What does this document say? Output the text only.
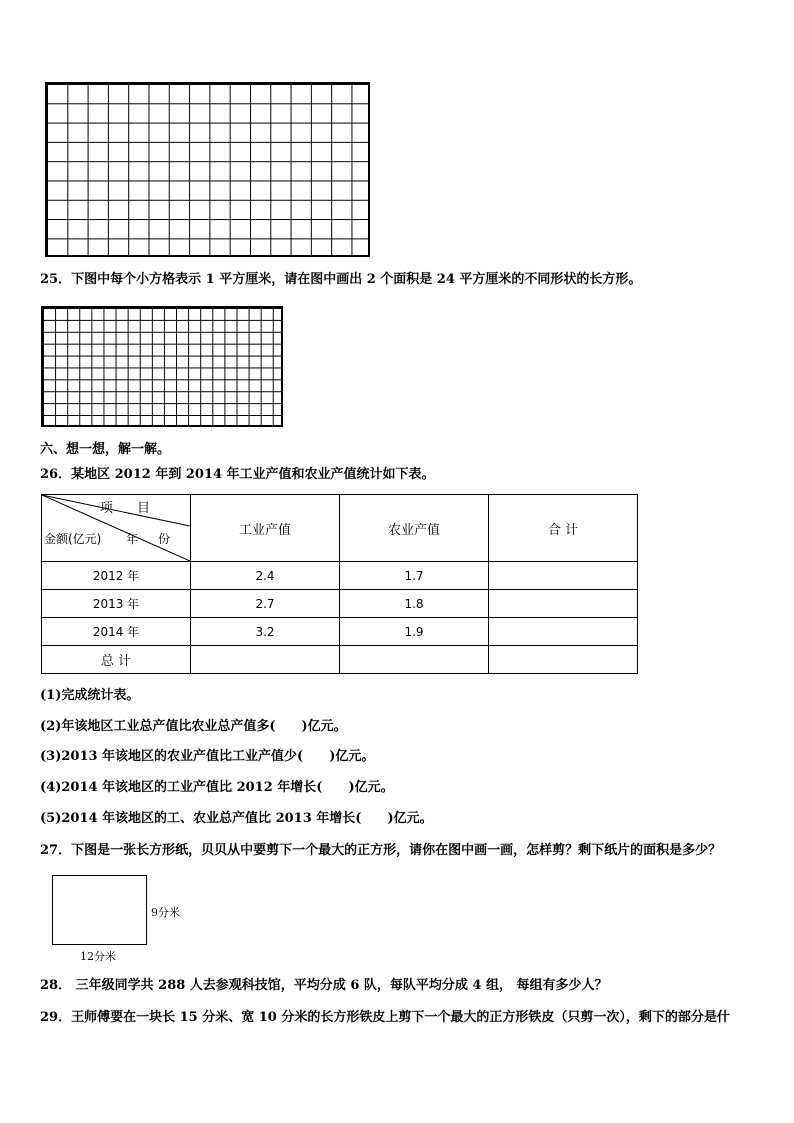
25．下图中每个小方格表示 1 平方厘米，请在图中画出 2 个面积是 24 平方厘米的不同形状的长方形。
六、想一想，解一解。
26．某地区 2012 年到 2014 年工业产值和农业产值统计如下表。
项 目
金额(亿元) 年 份	工业产值	农业产值	合 计
2012 年	2.4	1.7	
2013 年	2.7	1.8	
2014 年	3.2	1.9	
总 计			
(1)完成统计表。
(2)年该地区工业总产值比农业总产值多(　　)亿元。
(3)2013 年该地区的农业产值比工业产值少(　　)亿元。
(4)2014 年该地区的工业产值比 2012 年增长(　　)亿元。
(5)2014 年该地区的工、农业总产值比 2013 年增长(　　)亿元。
27．下图是一张长方形纸，贝贝从中要剪下一个最大的正方形，请你在图中画一画，怎样剪？剩下纸片的面积是多少？
9分米
12分米
28． 三年级同学共 288 人去参观科技馆，平均分成 6 队，每队平均分成 4 组， 每组有多少人？
29．王师傅要在一块长 15 分米、宽 10 分米的长方形铁皮上剪下一个最大的正方形铁皮（只剪一次），剩下的部分是什
